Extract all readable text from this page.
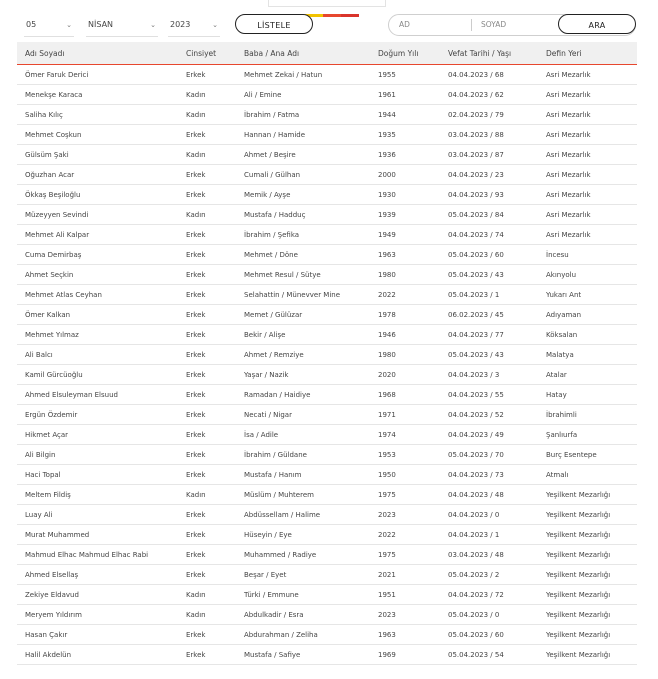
05	⌄ NİSAN	⌄ 2023	⌄	LİSTELE	AD	SOYAD	ARA
Adı Soyadı	Cinsiyet	Baba / Ana Adı	Doğum Yılı	Vefat Tarihi / Yaşı	Defin Yeri
Ömer Faruk Derici	Erkek	Mehmet Zekai / Hatun	1955	04.04.2023 / 68	Asri Mezarlık
Menekşe Karaca	Kadın	Ali / Emine	1961	04.04.2023 / 62	Asri Mezarlık
Saliha Kılıç	Kadın	İbrahim / Fatma	1944	02.04.2023 / 79	Asri Mezarlık
Mehmet Coşkun	Erkek	Hannan / Hamide	1935	03.04.2023 / 88	Asri Mezarlık
Gülsüm Şaki	Kadın	Ahmet / Beşire	1936	03.04.2023 / 87	Asri Mezarlık
Oğuzhan Acar	Erkek	Cumali / Gülhan	2000	04.04.2023 / 23	Asri Mezarlık
Ökkaş Beşiloğlu	Erkek	Memik / Ayşe	1930	04.04.2023 / 93	Asri Mezarlık
Müzeyyen Sevindi	Kadın	Mustafa / Hadduç	1939	05.04.2023 / 84	Asri Mezarlık
Mehmet Ali Kalpar	Erkek	İbrahim / Şefika	1949	04.04.2023 / 74	Asri Mezarlık
Cuma Demirbaş	Erkek	Mehmet / Döne	1963	05.04.2023 / 60	İncesu
Ahmet Seçkin	Erkek	Mehmet Resul / Sütye	1980	05.04.2023 / 43	Akınyolu
Mehmet Atlas Ceyhan	Erkek	Selahattin / Münevver Mine	2022	05.04.2023 / 1	Yukarı Ant
Ömer Kalkan	Erkek	Memet / Gülüzar	1978	06.02.2023 / 45	Adıyaman
Mehmet Yılmaz	Erkek	Bekir / Alişe	1946	04.04.2023 / 77	Köksalan
Ali Balcı	Erkek	Ahmet / Remziye	1980	05.04.2023 / 43	Malatya
Kamil Gürcüoğlu	Erkek	Yaşar / Nazik	2020	04.04.2023 / 3	Atalar
Ahmed Elsuleyman Elsuud	Erkek	Ramadan / Haidiye	1968	04.04.2023 / 55	Hatay
Ergün Özdemir	Erkek	Necati / Nigar	1971	04.04.2023 / 52	İbrahimli
Hikmet Açar	Erkek	İsa / Adile	1974	04.04.2023 / 49	Şanlıurfa
Ali Bilgin	Erkek	İbrahim / Güldane	1953	05.04.2023 / 70	Burç Esentepe
Haci Topal	Erkek	Mustafa / Hanım	1950	04.04.2023 / 73	Atmalı
Meltem Fildiş	Kadın	Müslüm / Muhterem	1975	04.04.2023 / 48	Yeşilkent Mezarlığı
Luay Ali	Erkek	Abdüssellam / Halime	2023	04.04.2023 / 0	Yeşilkent Mezarlığı
Murat Muhammed	Erkek	Hüseyin / Eye	2022	04.04.2023 / 1	Yeşilkent Mezarlığı
Mahmud Elhac Mahmud Elhac Rabi	Erkek	Muhammed / Radiye	1975	03.04.2023 / 48	Yeşilkent Mezarlığı
Ahmed Elsellaş	Erkek	Beşar / Eyet	2021	05.04.2023 / 2	Yeşilkent Mezarlığı
Zekiye Eldavud	Kadın	Türki / Emmune	1951	04.04.2023 / 72	Yeşilkent Mezarlığı
Meryem Yıldırım	Kadın	Abdulkadir / Esra	2023	05.04.2023 / 0	Yeşilkent Mezarlığı
Hasan Çakır	Erkek	Abdurahman / Zeliha	1963	05.04.2023 / 60	Yeşilkent Mezarlığı
Halil Akdelün	Erkek	Mustafa / Safiye	1969	05.04.2023 / 54	Yeşilkent Mezarlığı
